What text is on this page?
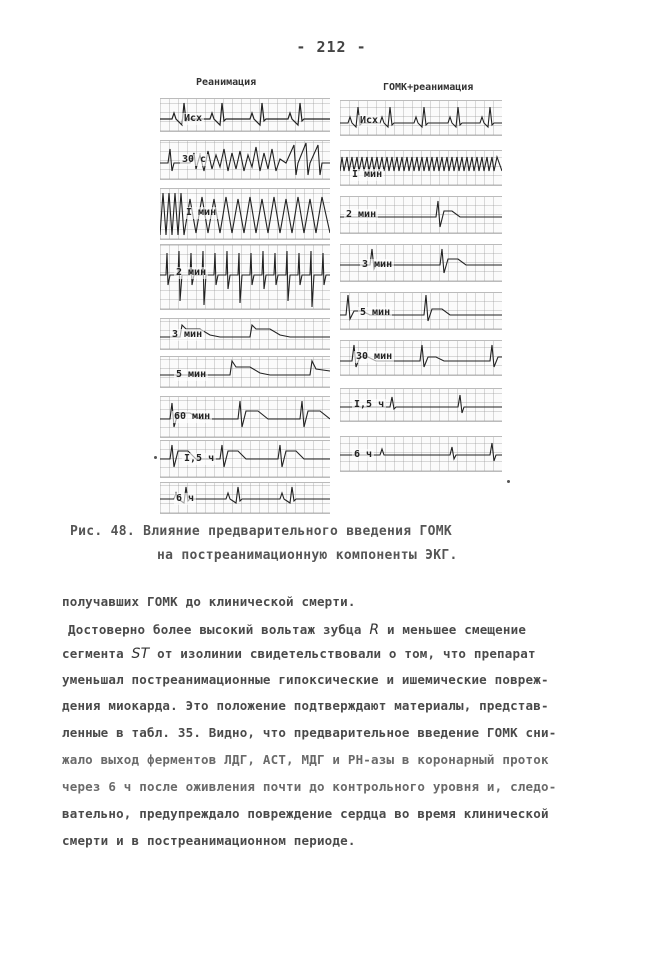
- 212 -
Реанимация	ГОМК+реанимация
Исх
30 с
I мин
2 мин
3 мин
5 мин
60 мин
I,5 ч
6 ч
Исх
I мин
2 мин
3 мин
5 мин
30 мин
I,5 ч
6 ч
Рис. 48. Влияние предварительного введения ГОМК
на постреанимационную компоненты ЭКГ.
получавших ГОМК до клинической смерти.
Достоверно более высокий вольтаж зубца R и меньшее смещение
сегмента ST от изолинии свидетельствовали о том, что препарат
уменьшал постреанимационные гипоксические и ишемические повреж-
дения миокарда. Это положение подтверждают материалы, представ-
ленные в табл. 35. Видно, что предварительное введение ГОМК сни-
жало выход ферментов ЛДГ, АСТ, МДГ и РН-азы в коронарный проток
через 6 ч после оживления почти до контрольного уровня и, следо-
вательно, предупреждало повреждение сердца во время клинической
смерти и в постреанимационном периоде.
